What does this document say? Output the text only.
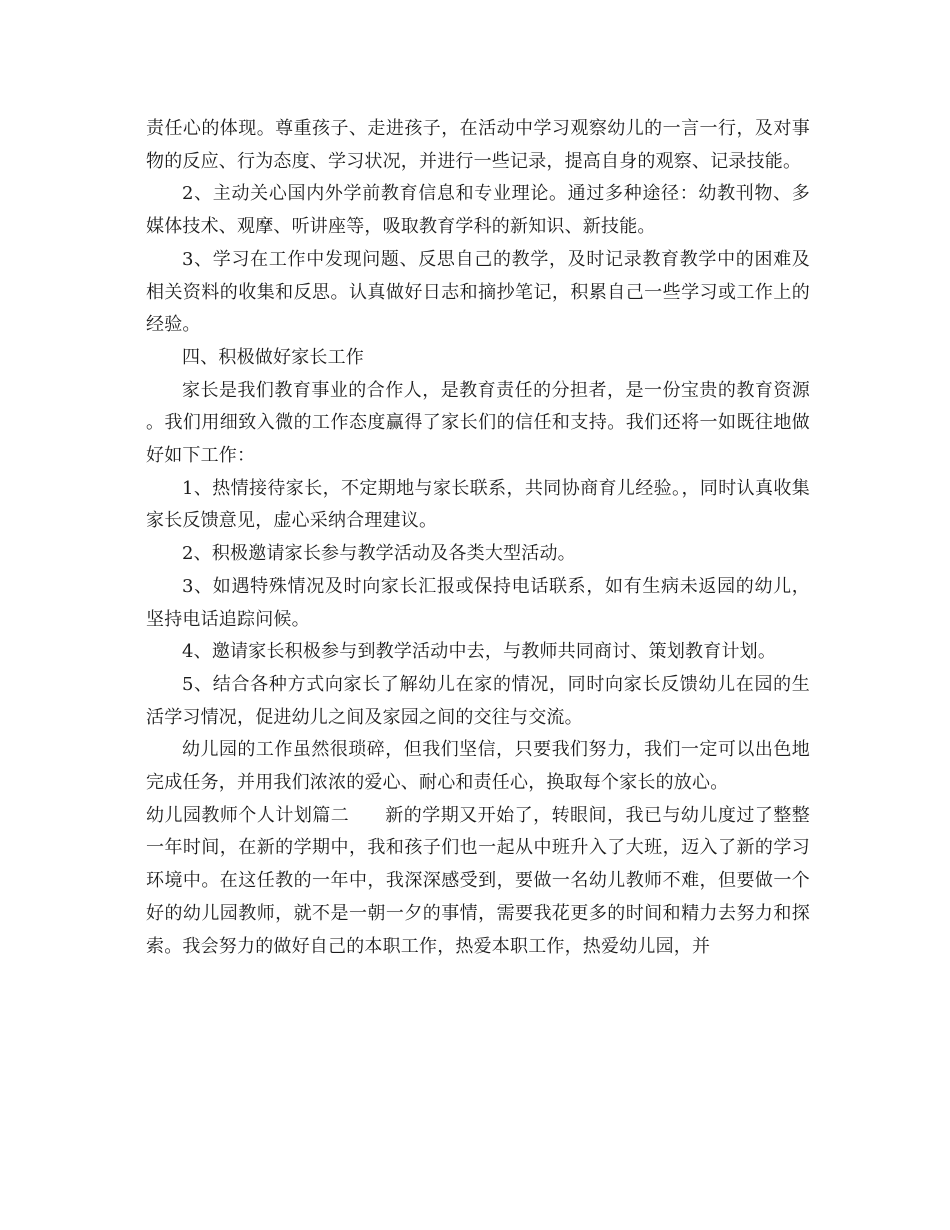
责任心的体现。尊重孩子、走进孩子，在活动中学习观察幼儿的一言一行，及对事物的反应、行为态度、学习状况，并进行一些记录，提高自身的观察、记录技能。

2、主动关心国内外学前教育信息和专业理论。通过多种途径：幼教刊物、多媒体技术、观摩、听讲座等，吸取教育学科的新知识、新技能。

3、学习在工作中发现问题、反思自己的教学，及时记录教育教学中的困难及相关资料的收集和反思。认真做好日志和摘抄笔记，积累自己一些学习或工作上的经验。

四、积极做好家长工作

家长是我们教育事业的合作人，是教育责任的分担者，是一份宝贵的教育资源。我们用细致入微的工作态度赢得了家长们的信任和支持。我们还将一如既往地做好如下工作：

1、热情接待家长，不定期地与家长联系，共同协商育儿经验。，同时认真收集家长反馈意见，虚心采纳合理建议。

2、积极邀请家长参与教学活动及各类大型活动。

3、如遇特殊情况及时向家长汇报或保持电话联系，如有生病未返园的幼儿，坚持电话追踪问候。

4、邀请家长积极参与到教学活动中去，与教师共同商讨、策划教育计划。

5、结合各种方式向家长了解幼儿在家的情况，同时向家长反馈幼儿在园的生活学习情况，促进幼儿之间及家园之间的交往与交流。

幼儿园的工作虽然很琐碎，但我们坚信，只要我们努力，我们一定可以出色地完成任务，并用我们浓浓的爱心、耐心和责任心，换取每个家长的放心。

幼儿园教师个人计划篇二 新的学期又开始了，转眼间，我已与幼儿度过了整整一年时间，在新的学期中，我和孩子们也一起从中班升入了大班，迈入了新的学习环境中。在这任教的一年中，我深深感受到，要做一名幼儿教师不难，但要做一个好的幼儿园教师，就不是一朝一夕的事情，需要我花更多的时间和精力去努力和探索。我会努力的做好自己的本职工作，热爱本职工作，热爱幼儿园，并
